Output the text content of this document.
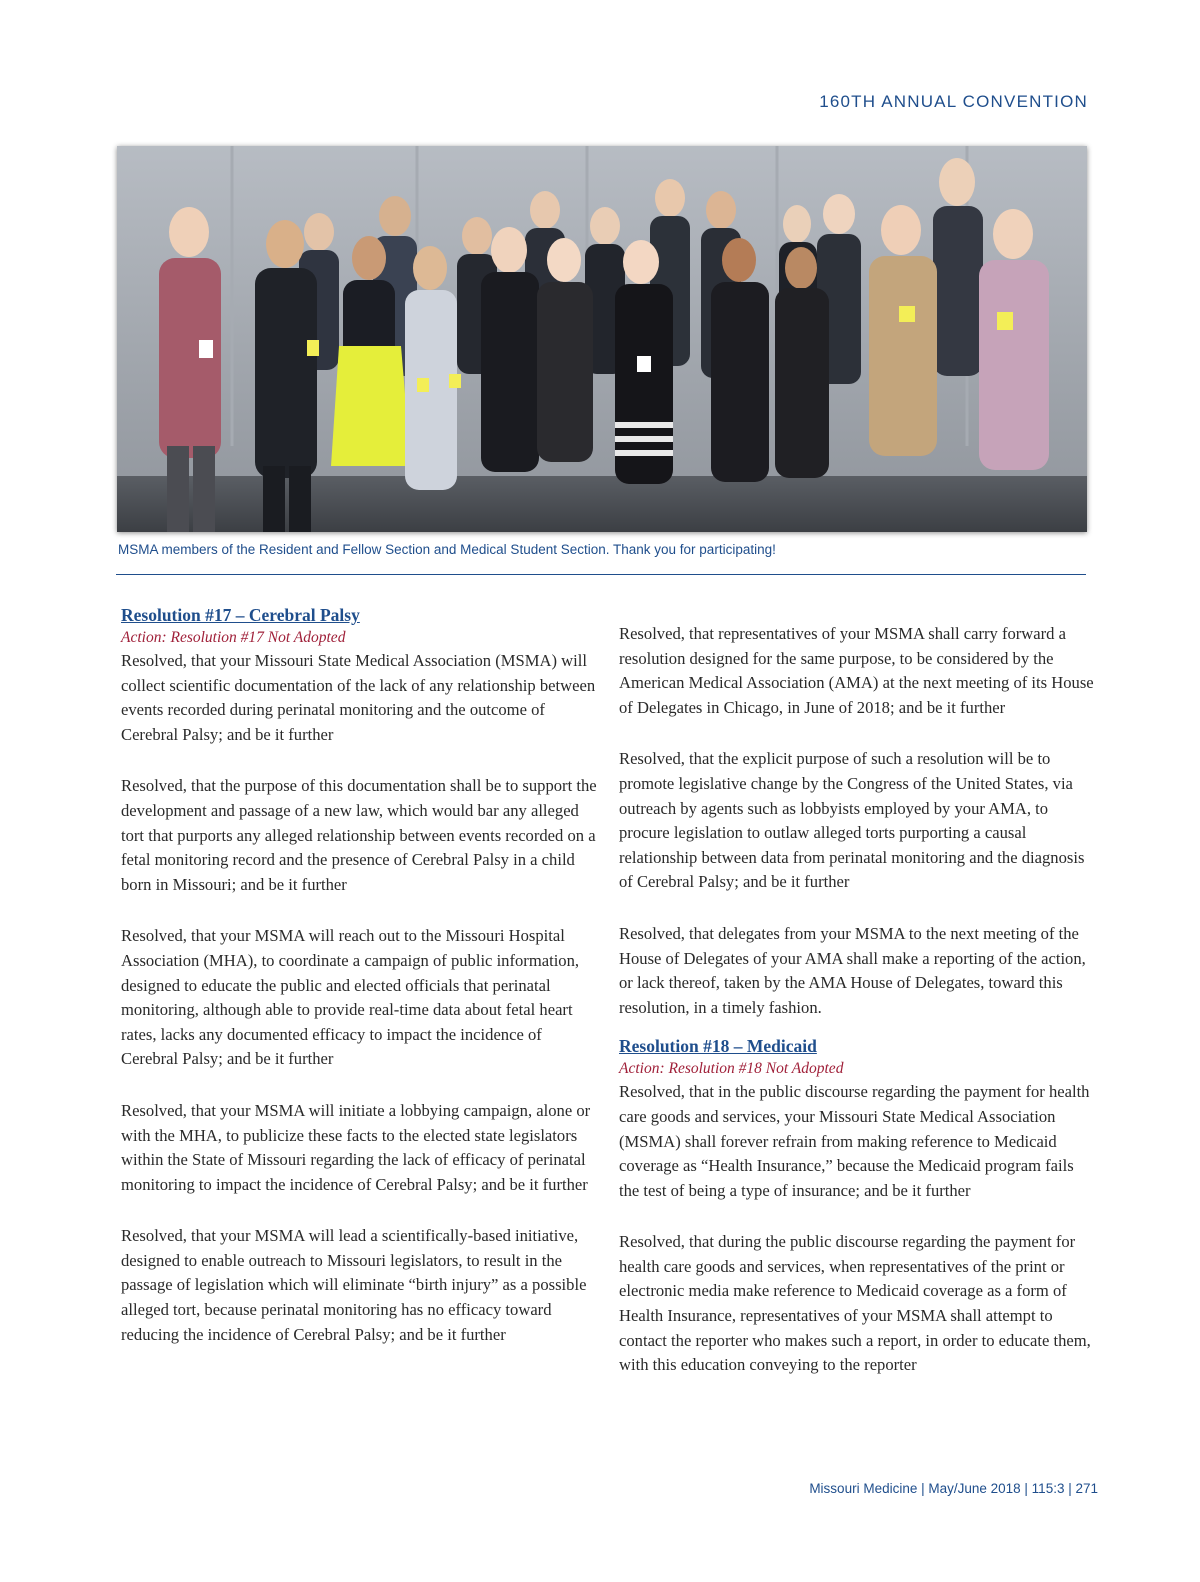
160TH ANNUAL CONVENTION
MSMA members of the Resident and Fellow Section and Medical Student Section. Thank you for participating!
Resolution #17 – Cerebral Palsy
Action: Resolution #17 Not Adopted

Resolved, that your Missouri State Medical Association (MSMA) will collect scientific documentation of the lack of any relationship between events recorded during perinatal monitoring and the outcome of Cerebral Palsy; and be it further

Resolved, that the purpose of this documentation shall be to support the development and passage of a new law, which would bar any alleged tort that purports any alleged relationship between events recorded on a fetal monitoring record and the presence of Cerebral Palsy in a child born in Missouri; and be it further

Resolved, that your MSMA will reach out to the Missouri Hospital Association (MHA), to coordinate a campaign of public information, designed to educate the public and elected officials that perinatal monitoring, although able to provide real-time data about fetal heart rates, lacks any documented efficacy to impact the incidence of Cerebral Palsy; and be it further

Resolved, that your MSMA will initiate a lobbying campaign, alone or with the MHA, to publicize these facts to the elected state legislators within the State of Missouri regarding the lack of efficacy of perinatal monitoring to impact the incidence of Cerebral Palsy; and be it further

Resolved, that your MSMA will lead a scientifically-based initiative, designed to enable outreach to Missouri legislators, to result in the passage of legislation which will eliminate “birth injury” as a possible alleged tort, because perinatal monitoring has no efficacy toward reducing the incidence of Cerebral Palsy; and be it further

Resolved, that representatives of your MSMA shall carry forward a resolution designed for the same purpose, to be considered by the American Medical Association (AMA) at the next meeting of its House of Delegates in Chicago, in June of 2018; and be it further

Resolved, that the explicit purpose of such a resolution will be to promote legislative change by the Congress of the United States, via outreach by agents such as lobbyists employed by your AMA, to procure legislation to outlaw alleged torts purporting a causal relationship between data from perinatal monitoring and the diagnosis of Cerebral Palsy; and be it further

Resolved, that delegates from your MSMA to the next meeting of the House of Delegates of your AMA shall make a reporting of the action, or lack thereof, taken by the AMA House of Delegates, toward this resolution, in a timely fashion.

Resolution #18 – Medicaid
Action: Resolution #18 Not Adopted

Resolved, that in the public discourse regarding the payment for health care goods and services, your Missouri State Medical Association (MSMA) shall forever refrain from making reference to Medicaid coverage as “Health Insurance,” because the Medicaid program fails the test of being a type of insurance; and be it further

Resolved, that during the public discourse regarding the payment for health care goods and services, when representatives of the print or electronic media make reference to Medicaid coverage as a form of Health Insurance, representatives of your MSMA shall attempt to contact the reporter who makes such a report, in order to educate them, with this education conveying to the reporter

Missouri Medicine | May/June 2018 | 115:3 | 271
